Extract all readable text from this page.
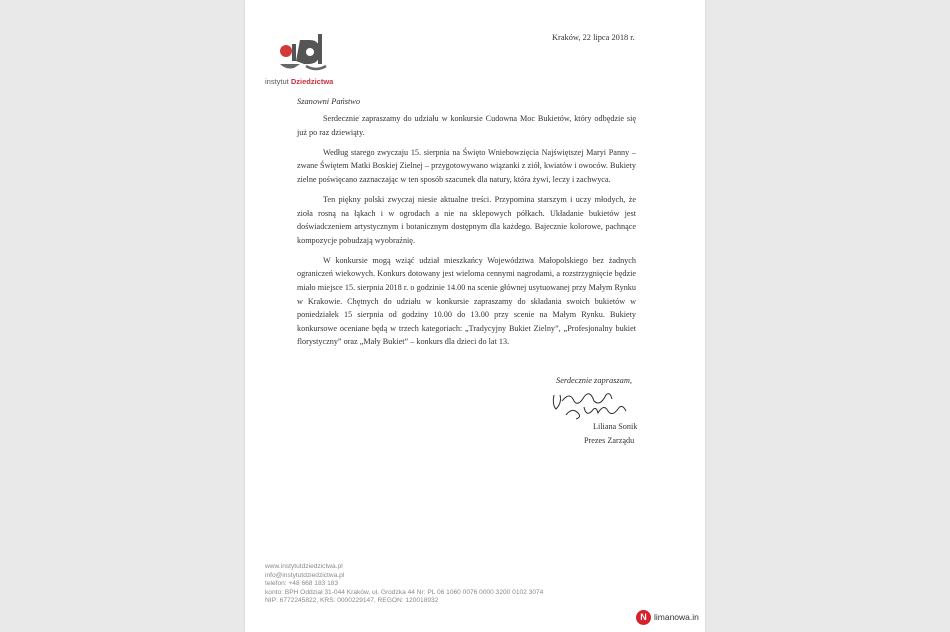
instytut Dziedzictwa
Kraków, 22 lipca 2018 r.
Szanowni Państwo

Serdecznie zapraszamy do udziału w konkursie Cudowna Moc Bukietów, który odbędzie się już po raz dziewiąty.

Według starego zwyczaju 15. sierpnia na Święto Wniebowzięcia Najświętszej Maryi Panny – zwane Świętem Matki Boskiej Zielnej – przygotowywano wiązanki z ziół, kwiatów i owoców. Bukiety zielne poświęcano zaznaczając w ten sposób szacunek dla natury, która żywi, leczy i zachwyca.

Ten piękny polski zwyczaj niesie aktualne treści. Przypomina starszym i uczy młodych, że zioła rosną na łąkach i w ogrodach a nie na sklepowych półkach. Układanie bukietów jest doświadczeniem artystycznym i botanicznym dostępnym dla każdego. Bajecznie kolorowe, pachnące kompozycje pobudzają wyobraźnię.

W konkursie mogą wziąć udział mieszkańcy Województwa Małopolskiego bez żadnych ograniczeń wiekowych. Konkurs dotowany jest wieloma cennymi nagrodami, a rozstrzygnięcie będzie miało miejsce 15. sierpnia 2018 r. o godzinie 14.00 na scenie głównej usytuowanej przy Małym Rynku w Krakowie. Chętnych do udziału w konkursie zapraszamy do składania swoich bukietów w poniedziałek 15 sierpnia od godziny 10.00 do 13.00 przy scenie na Małym Rynku. Bukiety konkursowe oceniane będą w trzech kategoriach: „Tradycyjny Bukiet Zielny”, „Profesjonalny bukiet florystyczny” oraz „Mały Bukiet” – konkurs dla dzieci do lat 13.

Serdecznie zapraszam,
Liliana Sonik
Prezes Zarządu
www.instytutdziedzictwa.pl
info@instytutdziedzictwa.pl
telefon: +48 668 183 183
konto: BPH Oddział 31-044 Kraków, ul. Grodzka 44 Nr: PL 06 1060 0076 0000 3200 0102 3074
NIP: 6772245822, KRS: 0000229147, REGON: 120018932
N limanowa.in
